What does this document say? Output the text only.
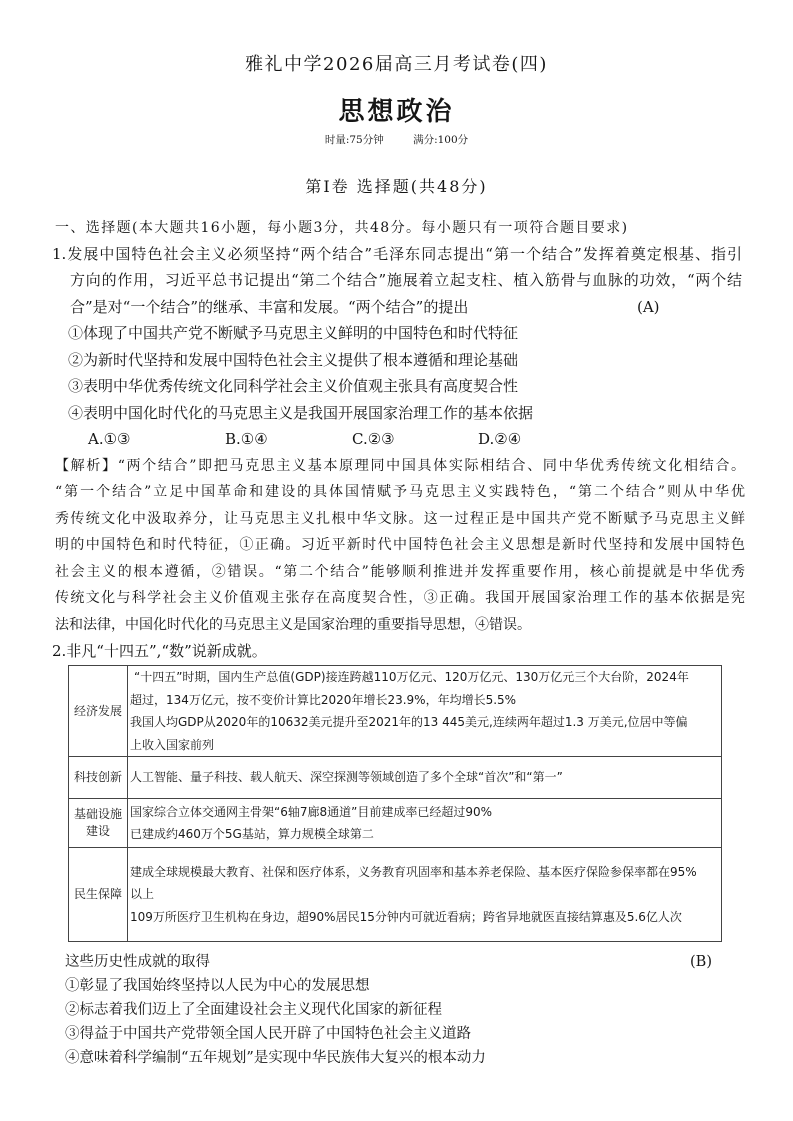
雅礼中学2026届高三月考试卷(四)
思想政治
时量:75分钟	满分:100分
第Ⅰ卷 选择题(共48分)
一、选择题(本大题共16小题，每小题3分，共48分。每小题只有一项符合题目要求)
1.发展中国特色社会主义必须坚持“两个结合”毛泽东同志提出“第一个结合”发挥着奠定根基、指引
方向的作用，习近平总书记提出“第二个结合”施展着立起支柱、植入筋骨与血脉的功效，“两个结
合”是对“一个结合”的继承、丰富和发展。“两个结合”的提出	(A)
①体现了中国共产党不断赋予马克思主义鲜明的中国特色和时代特征
②为新时代坚持和发展中国特色社会主义提供了根本遵循和理论基础
③表明中华优秀传统文化同科学社会主义价值观主张具有高度契合性
④表明中国化时代化的马克思主义是我国开展国家治理工作的基本依据
A.①③	B.①④	C.②③	D.②④
【解析】“两个结合”即把马克思主义基本原理同中国具体实际相结合、同中华优秀传统文化相结合。
“第一个结合”立足中国革命和建设的具体国情赋予马克思主义实践特色，“第二个结合”则从中华优
秀传统文化中汲取养分，让马克思主义扎根中华文脉。这一过程正是中国共产党不断赋予马克思主义鲜
明的中国特色和时代特征，①正确。习近平新时代中国特色社会主义思想是新时代坚持和发展中国特色
社会主义的根本遵循，②错误。“第二个结合”能够顺利推进并发挥重要作用，核心前提就是中华优秀
传统文化与科学社会主义价值观主张存在高度契合性，③正确。我国开展国家治理工作的基本依据是宪
法和法律，中国化时代化的马克思主义是国家治理的重要指导思想，④错误。
2.非凡“十四五”,“数”说新成就。
经济发展	“十四五”时期，国内生产总值(GDP)接连跨越110万亿元、120万亿元、130万亿元三个大台阶，2024年
超过，134万亿元，按不变价计算比2020年增长23.9%，年均增长5.5%
我国人均GDP从2020年的10632美元提升至2021年的13 445美元,连续两年超过1.3 万美元,位居中等偏
上收入国家前列

科技创新	人工智能、量子科技、载人航天、深空探测等领域创造了多个全球“首次”和“第一”

基础设施建设	国家综合立体交通网主骨架“6轴7廊8通道”目前建成率已经超过90%
已建成约460万个5G基站，算力规模全球第二

民生保障	建成全球规模最大教育、社保和医疗体系，义务教育巩固率和基本养老保险、基本医疗保险参保率都在95%
以上
109万所医疗卫生机构在身边，超90%居民15分钟内可就近看病；跨省异地就医直接结算惠及5.6亿人次
这些历史性成就的取得	(B)
①彰显了我国始终坚持以人民为中心的发展思想
②标志着我们迈上了全面建设社会主义现代化国家的新征程
③得益于中国共产党带领全国人民开辟了中国特色社会主义道路
④意味着科学编制“五年规划”是实现中华民族伟大复兴的根本动力
